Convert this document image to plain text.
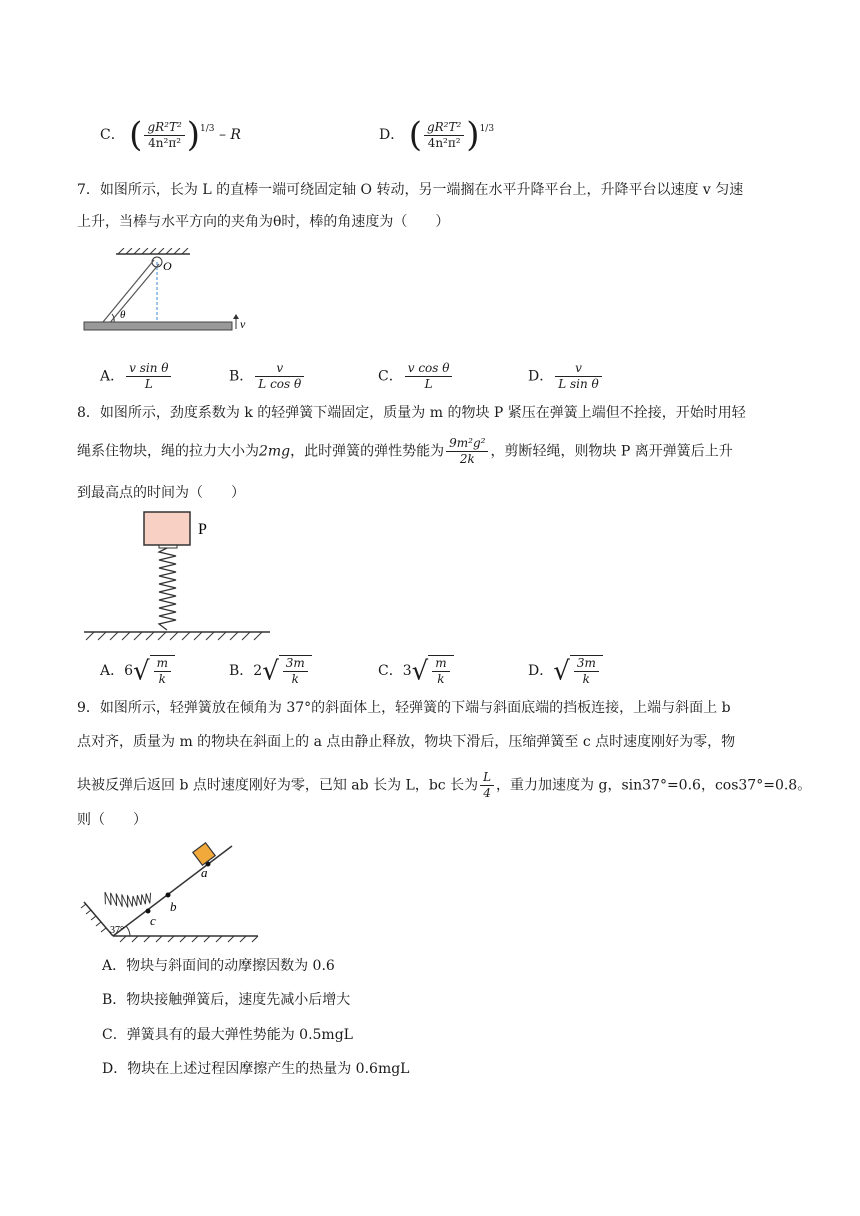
C． ( $\frac{\text{gR²T²}}{\text{4n²π²}} )^{1/3}$ – R	D． ( $\frac{\text{gR²T²}}{\text{4n²π²}} )^{1/3}$
7．如图所示，长为 L 的直棒一端可绕固定轴 O 转动，另一端搁在水平升降平台上，升降平台以速度 v 匀速
上升，当棒与水平方向的夹角为θ时，棒的角速度为（　　）
O
θ
v
A． $\frac{\text{v sin θ}}{L}$	B． $\frac{v}{\text{L cos θ}}$	C． $\frac{\text{v cos θ}}{L}$	D． $\frac{v}{\text{L sin θ}}$
8．如图所示，劲度系数为 k 的轻弹簧下端固定，质量为 m 的物块 P 紧压在弹簧上端但不拴接，开始时用轻
绳系住物块，绳的拉力大小为2mg，此时弹簧的弹性势能为 $\frac{\text{9m²g²}}{2k}$ ，剪断轻绳，则物块 P 离开弹簧后上升
到最高点的时间为（　　）
P
A．$6√ \frac{m}{k}$	B．$2√ \frac{3m}{k}$	C．$3√ \frac{m}{k}$	D．√ $\frac{3m}{k}$
9．如图所示，轻弹簧放在倾角为 37°的斜面体上，轻弹簧的下端与斜面底端的挡板连接，上端与斜面上 b
点对齐，质量为 m 的物块在斜面上的 a 点由静止释放，物块下滑后，压缩弹簧至 c 点时速度刚好为零，物
块被反弹后返回 b 点时速度刚好为零，已知 ab 长为 L，bc 长为 $\frac{L}{4}$ ，重力加速度为 g，sin37°=0.6，cos37°=0.8。
则（　　）
a
b
c
37°
A．物块与斜面间的动摩擦因数为 0.6
B．物块接触弹簧后，速度先减小后增大
C．弹簧具有的最大弹性势能为 0.5mgL
D．物块在上述过程因摩擦产生的热量为 0.6mgL
